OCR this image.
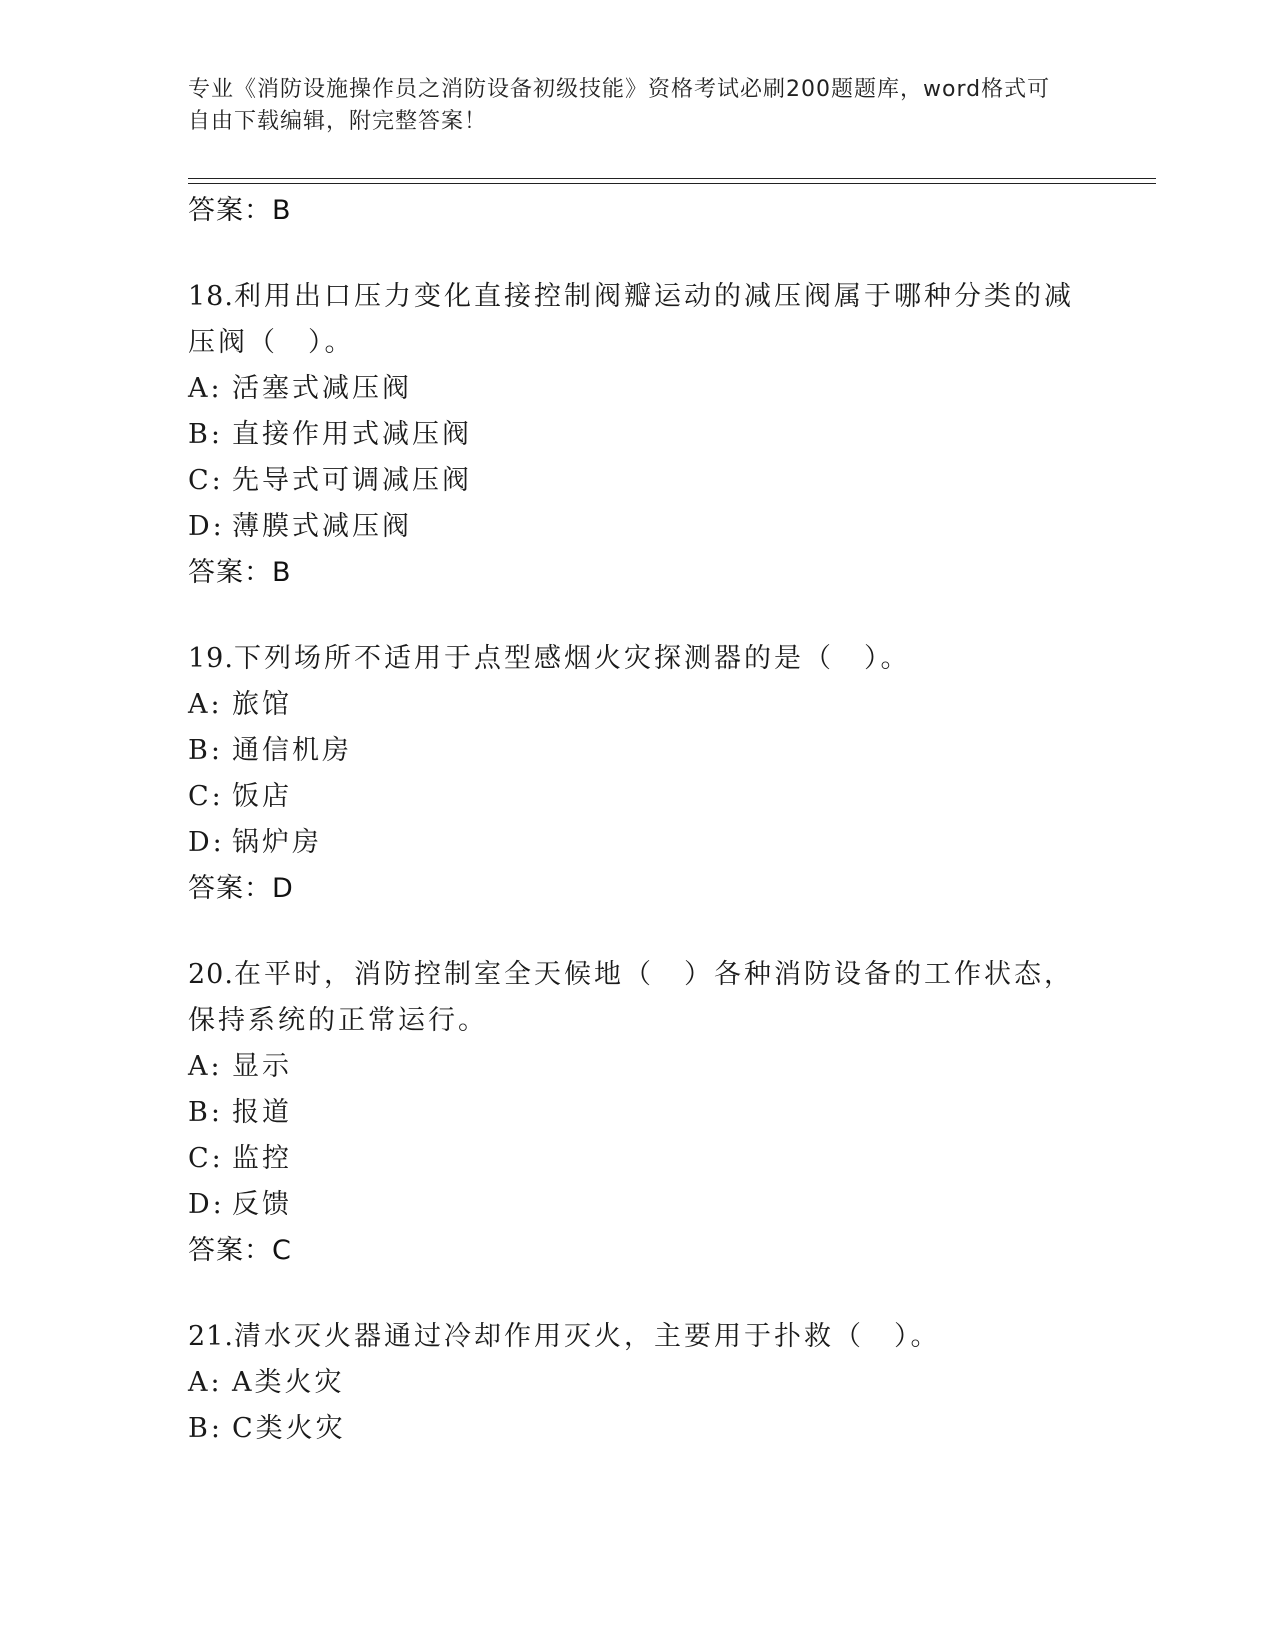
专业《消防设施操作员之消防设备初级技能》资格考试必刷200题题库，word格式可自由下载编辑，附完整答案！
答案：B
18.利用出口压力变化直接控制阀瓣运动的减压阀属于哪种分类的减压阀（　）。
A: 活塞式减压阀
B: 直接作用式减压阀
C: 先导式可调减压阀
D: 薄膜式减压阀
答案：B
19.下列场所不适用于点型感烟火灾探测器的是（　）。
A: 旅馆
B: 通信机房
C: 饭店
D: 锅炉房
答案：D
20.在平时，消防控制室全天候地（　）各种消防设备的工作状态，保持系统的正常运行。
A: 显示
B: 报道
C: 监控
D: 反馈
答案：C
21.清水灭火器通过冷却作用灭火，主要用于扑救（　）。
A: A类火灾
B: C类火灾
